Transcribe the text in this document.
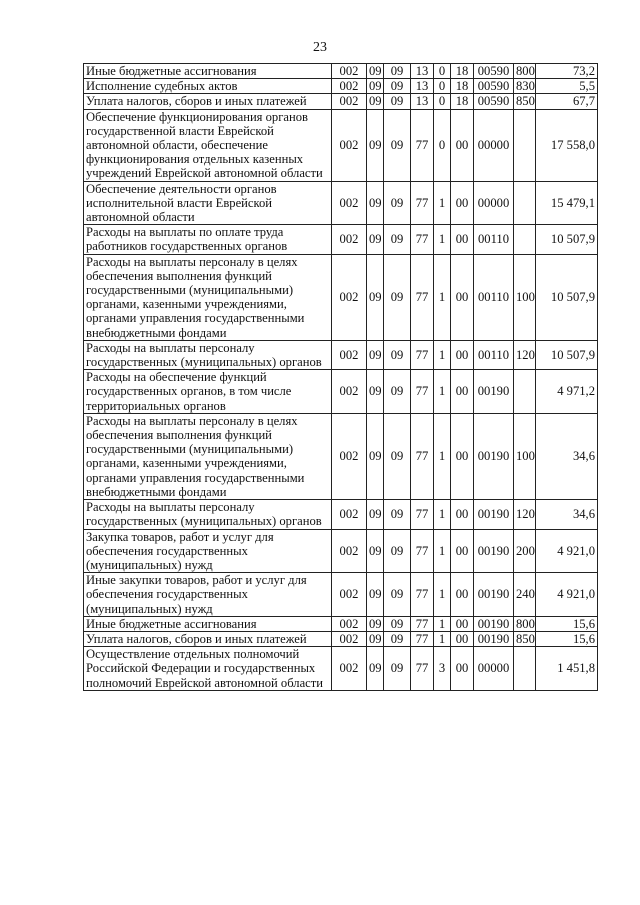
23
Иные бюджетные ассигнования	002	09	09	13	0	18	00590	800	73,2
Исполнение судебных актов	002	09	09	13	0	18	00590	830	5,5
Уплата налогов, сборов и иных платежей	002	09	09	13	0	18	00590	850	67,7
Обеспечение функционирования органов государственной власти Еврейской автономной области, обеспечение функционирования отдельных казенных учреждений Еврейской автономной области	002	09	09	77	0	00	00000		17 558,0
Обеспечение деятельности органов исполнительной власти Еврейской автономной области	002	09	09	77	1	00	00000		15 479,1
Расходы на выплаты по оплате труда работников государственных органов	002	09	09	77	1	00	00110		10 507,9
Расходы на выплаты персоналу в целях обеспечения выполнения функций государственными (муниципальными) органами, казенными учреждениями, органами управления государственными внебюджетными фондами	002	09	09	77	1	00	00110	100	10 507,9
Расходы на выплаты персоналу государственных (муниципальных) органов	002	09	09	77	1	00	00110	120	10 507,9
Расходы на обеспечение функций государственных органов, в том числе территориальных органов	002	09	09	77	1	00	00190		4 971,2
Расходы на выплаты персоналу в целях обеспечения выполнения функций государственными (муниципальными) органами, казенными учреждениями, органами управления государственными внебюджетными фондами	002	09	09	77	1	00	00190	100	34,6
Расходы на выплаты персоналу государственных (муниципальных) органов	002	09	09	77	1	00	00190	120	34,6
Закупка товаров, работ и услуг для обеспечения государственных (муниципальных) нужд	002	09	09	77	1	00	00190	200	4 921,0
Иные закупки товаров, работ и услуг для обеспечения государственных (муниципальных) нужд	002	09	09	77	1	00	00190	240	4 921,0
Иные бюджетные ассигнования	002	09	09	77	1	00	00190	800	15,6
Уплата налогов, сборов и иных платежей	002	09	09	77	1	00	00190	850	15,6
Осуществление отдельных полномочий Российской Федерации и государственных полномочий Еврейской автономной области	002	09	09	77	3	00	00000		1 451,8
